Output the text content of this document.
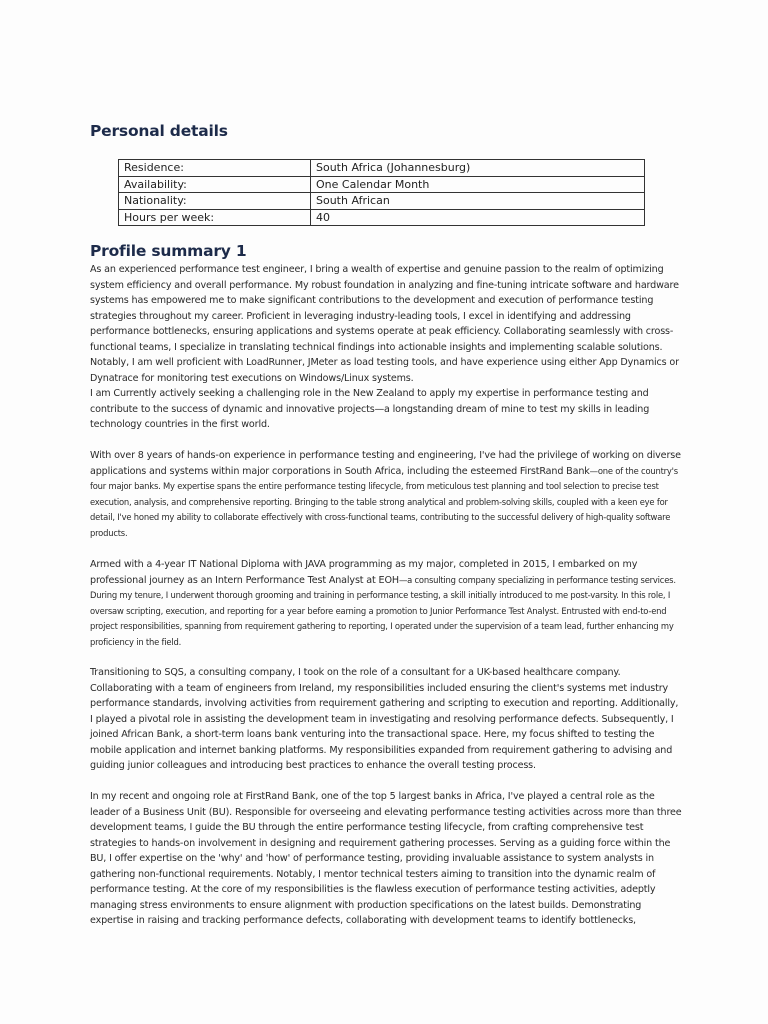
Personal details
Residence:	South Africa (Johannesburg)
Availability:	One Calendar Month
Nationality:	South African
Hours per week:	40
Profile summary 1

As an experienced performance test engineer, I bring a wealth of expertise and genuine passion to the realm of optimizing system efficiency and overall performance. My robust foundation in analyzing and fine-tuning intricate software and hardware systems has empowered me to make significant contributions to the development and execution of performance testing strategies throughout my career. Proficient in leveraging industry-leading tools, I excel in identifying and addressing performance bottlenecks, ensuring applications and systems operate at peak efficiency. Collaborating seamlessly with cross-functional teams, I specialize in translating technical findings into actionable insights and implementing scalable solutions. Notably, I am well proficient with LoadRunner, JMeter as load testing tools, and have experience using either App Dynamics or Dynatrace for monitoring test executions on Windows/Linux systems.
I am Currently actively seeking a challenging role in the New Zealand to apply my expertise in performance testing and contribute to the success of dynamic and innovative projects—a longstanding dream of mine to test my skills in leading technology countries in the first world.

With over 8 years of hands-on experience in performance testing and engineering, I've had the privilege of working on diverse applications and systems within major corporations in South Africa, including the esteemed FirstRand Bank—one of the country's four major banks. My expertise spans the entire performance testing lifecycle, from meticulous test planning and tool selection to precise test execution, analysis, and comprehensive reporting. Bringing to the table strong analytical and problem-solving skills, coupled with a keen eye for detail, I've honed my ability to collaborate effectively with cross-functional teams, contributing to the successful delivery of high-quality software products.

Armed with a 4-year IT National Diploma with JAVA programming as my major, completed in 2015, I embarked on my professional journey as an Intern Performance Test Analyst at EOH—a consulting company specializing in performance testing services. During my tenure, I underwent thorough grooming and training in performance testing, a skill initially introduced to me post-varsity. In this role, I oversaw scripting, execution, and reporting for a year before earning a promotion to Junior Performance Test Analyst. Entrusted with end-to-end project responsibilities, spanning from requirement gathering to reporting, I operated under the supervision of a team lead, further enhancing my proficiency in the field.

Transitioning to SQS, a consulting company, I took on the role of a consultant for a UK-based healthcare company. Collaborating with a team of engineers from Ireland, my responsibilities included ensuring the client's systems met industry performance standards, involving activities from requirement gathering and scripting to execution and reporting. Additionally, I played a pivotal role in assisting the development team in investigating and resolving performance defects. Subsequently, I joined African Bank, a short-term loans bank venturing into the transactional space. Here, my focus shifted to testing the mobile application and internet banking platforms. My responsibilities expanded from requirement gathering to advising and guiding junior colleagues and introducing best practices to enhance the overall testing process.

In my recent and ongoing role at FirstRand Bank, one of the top 5 largest banks in Africa, I've played a central role as the leader of a Business Unit (BU). Responsible for overseeing and elevating performance testing activities across more than three development teams, I guide the BU through the entire performance testing lifecycle, from crafting comprehensive test strategies to hands-on involvement in designing and requirement gathering processes. Serving as a guiding force within the BU, I offer expertise on the 'why' and 'how' of performance testing, providing invaluable assistance to system analysts in gathering non-functional requirements. Notably, I mentor technical testers aiming to transition into the dynamic realm of performance testing. At the core of my responsibilities is the flawless execution of performance testing activities, adeptly managing stress environments to ensure alignment with production specifications on the latest builds. Demonstrating expertise in raising and tracking performance defects, collaborating with development teams to identify bottlenecks,
